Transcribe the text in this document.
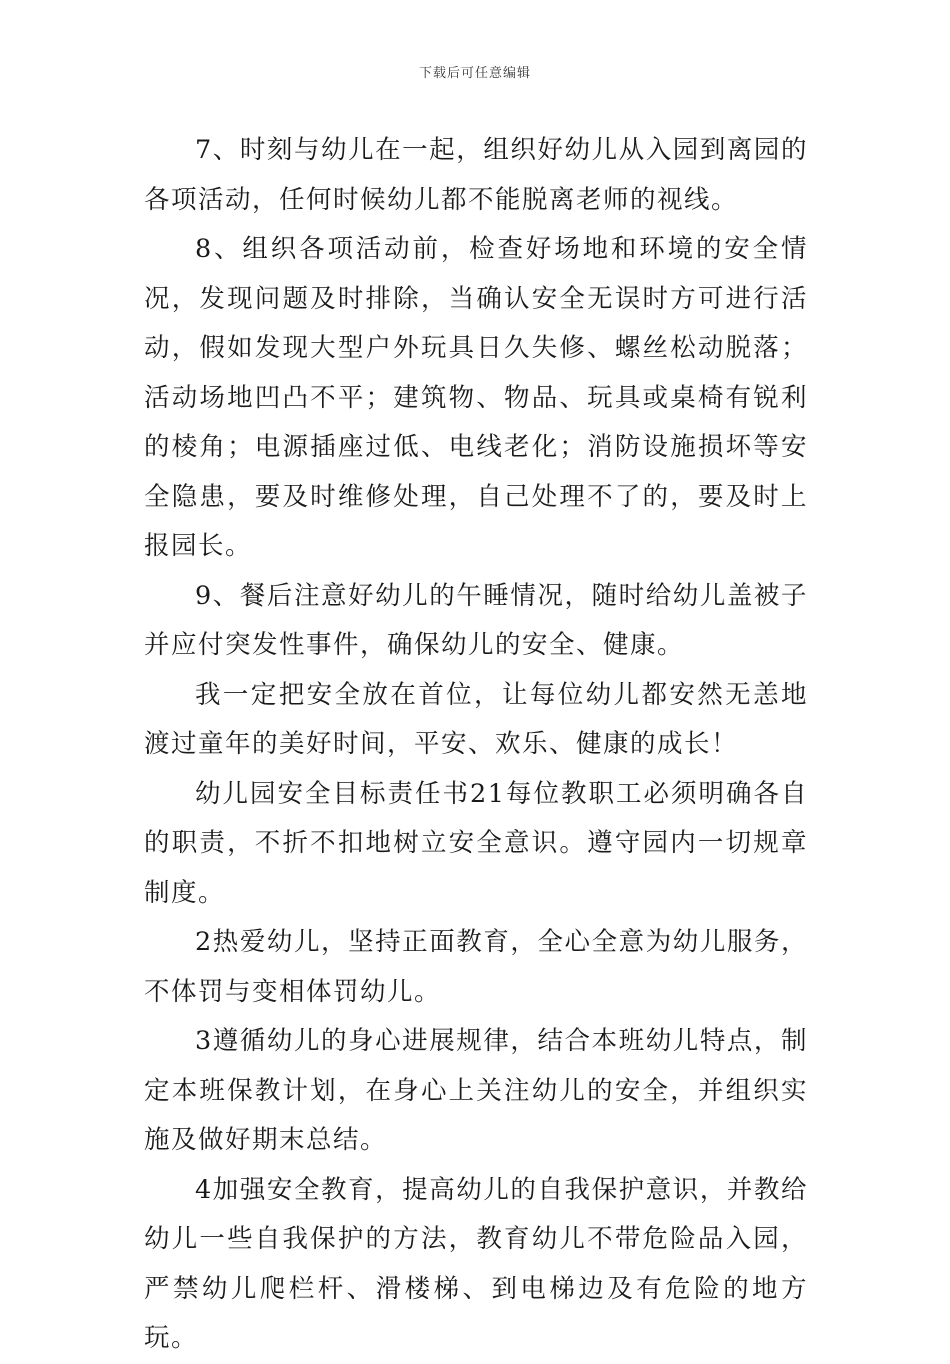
下载后可任意编辑

7、时刻与幼儿在一起，组织好幼儿从入园到离园的各项活动，任何时候幼儿都不能脱离老师的视线。

8、组织各项活动前，检查好场地和环境的安全情况，发现问题及时排除，当确认安全无误时方可进行活动，假如发现大型户外玩具日久失修、螺丝松动脱落；活动场地凹凸不平；建筑物、物品、玩具或桌椅有锐利的棱角；电源插座过低、电线老化；消防设施损坏等安全隐患，要及时维修处理，自己处理不了的，要及时上报园长。

9、餐后注意好幼儿的午睡情况，随时给幼儿盖被子并应付突发性事件，确保幼儿的安全、健康。

我一定把安全放在首位，让每位幼儿都安然无恙地渡过童年的美好时间，平安、欢乐、健康的成长！

幼儿园安全目标责任书21每位教职工必须明确各自的职责，不折不扣地树立安全意识。遵守园内一切规章制度。

2热爱幼儿，坚持正面教育，全心全意为幼儿服务，不体罚与变相体罚幼儿。

3遵循幼儿的身心进展规律，结合本班幼儿特点，制定本班保教计划，在身心上关注幼儿的安全，并组织实施及做好期末总结。

4加强安全教育，提高幼儿的自我保护意识，并教给幼儿一些自我保护的方法，教育幼儿不带危险品入园，严禁幼儿爬栏杆、滑楼梯、到电梯边及有危险的地方玩。
